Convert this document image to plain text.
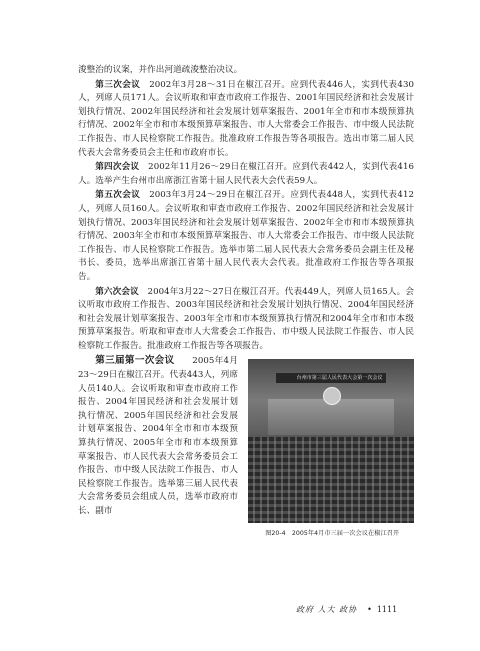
浚整治的议案，并作出河道疏浚整治决议。

第三次会议　2002年3月28～31日在椒江召开。应到代表446人，实到代表430人，列席人员171人。会议听取和审查市政府工作报告、2001年国民经济和社会发展计划执行情况、2002年国民经济和社会发展计划草案报告、2001年全市和市本级预算执行情况、2002年全市和市本级预算草案报告、市人大常委会工作报告、市中级人民法院工作报告、市人民检察院工作报告。批准政府工作报告等各项报告。选出市第二届人民代表大会常务委员会主任和市政府市长。

第四次会议　2002年11月26～29日在椒江召开。应到代表442人，实到代表416人。选举产生台州市出席浙江省第十届人民代表大会代表59人。

第五次会议　2003年3月24～29日在椒江召开。应到代表448人，实到代表412人，列席人员160人。会议听取和审查市政府工作报告、2002年国民经济和社会发展计划执行情况、2003年国民经济和社会发展计划草案报告、2002年全市和市本级预算执行情况、2003年全市和市本级预算草案报告、市人大常委会工作报告、市中级人民法院工作报告、市人民检察院工作报告。选举市第二届人民代表大会常务委员会副主任及秘书长、委员，选举出席浙江省第十届人民代表大会代表。批准政府工作报告等各项报告。

第六次会议　2004年3月22～27日在椒江召开。代表449人，列席人员165人。会议听取市政府工作报告、2003年国民经济和社会发展计划执行情况、2004年国民经济和社会发展计划草案报告、2003年全市和市本级预算执行情况和2004年全市和市本级预算草案报告。听取和审查市人大常委会工作报告、市中级人民法院工作报告、市人民检察院工作报告。批准政府工作报告等各项报告。

台州市第三届人民代表大会第一次会议
图20-4　2005年4月市三届一次会议在椒江召开
第三届第一次会议　　2005年4月23～29日在椒江召开。代表443人，列席人员140人。会议听取和审查市政府工作报告、2004年国民经济和社会发展计划执行情况、2005年国民经济和社会发展计划草案报告、2004年全市和市本级预算执行情况、2005年全市和市本级预算草案报告、市人民代表大会常务委员会工作报告、市中级人民法院工作报告、市人民检察院工作报告。选举第三届人民代表大会常务委员会组成人员，选举市政府市长、副市

政府 人大 政协 • 1111
